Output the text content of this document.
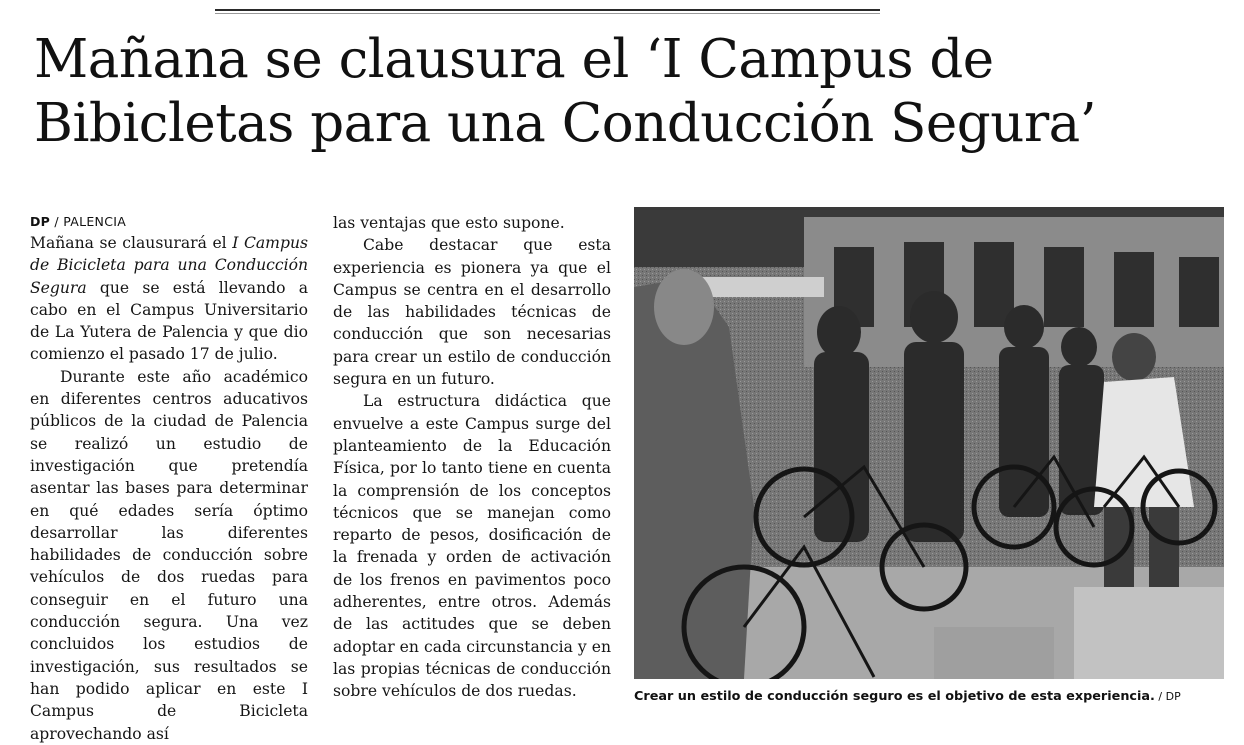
Mañana se clausura el ‘I Campus de
Bibicletas para una Conducción Segura’
DP / PALENCIA

Mañana se clausurará el I Campus de Bicicleta para una Conducción Segura que se está llevando a cabo en el Campus Universitario de La Yutera de Palencia y que dio comienzo el pasado 17 de julio.

Durante este año académico en diferentes centros aducativos públicos de la ciudad de Palencia se realizó un estudio de investigación que pretendía asentar las bases para determinar en qué edades sería óptimo desarrollar las diferentes habilidades de conducción sobre vehículos de dos ruedas para conseguir en el futuro una conducción segura. Una vez concluidos los estudios de investigación, sus resultados se han podido aplicar en este I Campus de Bicicleta aprovechando así

las ventajas que esto supone.

Cabe destacar que esta experiencia es pionera ya que el Campus se centra en el desarrollo de las habilidades técnicas de conducción que son necesarias para crear un estilo de conducción segura en un futuro.

La estructura didáctica que envuelve a este Campus surge del planteamiento de la Educación Física, por lo tanto tiene en cuenta la comprensión de los conceptos técnicos que se manejan como reparto de pesos, dosificación de la frenada y orden de activación de los frenos en pavimentos poco adherentes, entre otros. Además de las actitudes que se deben adoptar en cada circunstancia y en las propias técnicas de conducción sobre vehículos de dos ruedas.	Crear un estilo de conducción seguro es el objetivo de esta experiencia. / DP
